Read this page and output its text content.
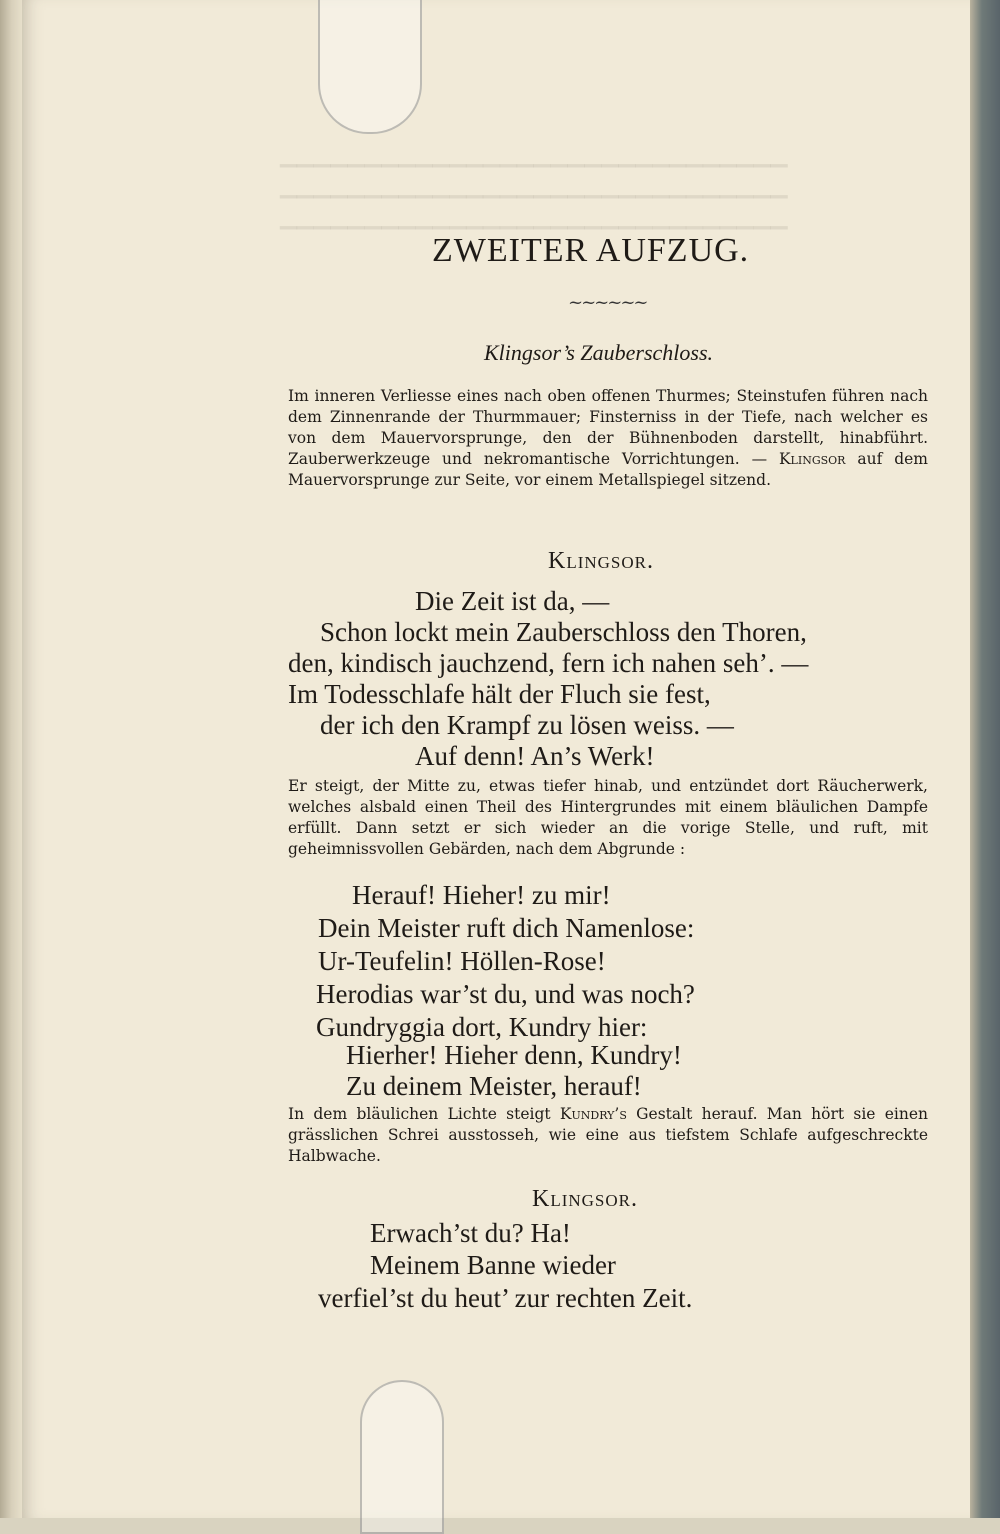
▁▁▁▁▁▁▁▁▁▁▁▁▁▁▁▁▁▁▁▁▁▁▁▁▁▁▁▁▁▁
▁▁▁▁▁▁▁▁▁▁▁▁▁▁▁▁▁▁▁▁▁▁▁▁▁▁▁▁▁▁
▁▁▁▁▁▁▁▁▁▁▁▁▁▁▁▁▁▁▁▁▁▁▁▁▁▁▁▁▁▁
ZWEITER AUFZUG.
~~~~~~
Klingsor’s Zauberschloss.
Im inneren Verliesse eines nach oben offenen Thurmes; Steinstufen führen nach dem Zinnenrande der Thurmmauer; Finsterniss in der Tiefe, nach welcher es von dem Mauervorsprunge, den der Bühnenboden darstellt, hinabführt. Zauberwerkzeuge und nekromantische Vorrichtungen. — Klingsor auf dem Mauervorsprunge zur Seite, vor einem Metallspiegel sitzend.
Klingsor.
Die Zeit ist da, —
Schon lockt mein Zauberschloss den Thoren,
den, kindisch jauchzend, fern ich nahen seh’. —
Im Todesschlafe hält der Fluch sie fest,
der ich den Krampf zu lösen weiss. —
Auf denn! An’s Werk!
Er steigt, der Mitte zu, etwas tiefer hinab, und entzündet dort Räucherwerk, welches alsbald einen Theil des Hintergrundes mit einem bläulichen Dampfe erfüllt. Dann setzt er sich wieder an die vorige Stelle, und ruft, mit geheimnissvollen Gebärden, nach dem Abgrunde :
Herauf! Hieher! zu mir!
Dein Meister ruft dich Namenlose:
Ur-Teufelin! Höllen-Rose!
Herodias war’st du, und was noch?
Gundryggia dort, Kundry hier:
Hierher! Hieher denn, Kundry!
Zu deinem Meister, herauf!
In dem bläulichen Lichte steigt Kundry’s Gestalt herauf. Man hört sie einen grässlichen Schrei ausstosseh, wie eine aus tiefstem Schlafe aufgeschreckte Halbwache.
Klingsor.
Erwach’st du? Ha!
Meinem Banne wieder
verfiel’st du heut’ zur rechten Zeit.
